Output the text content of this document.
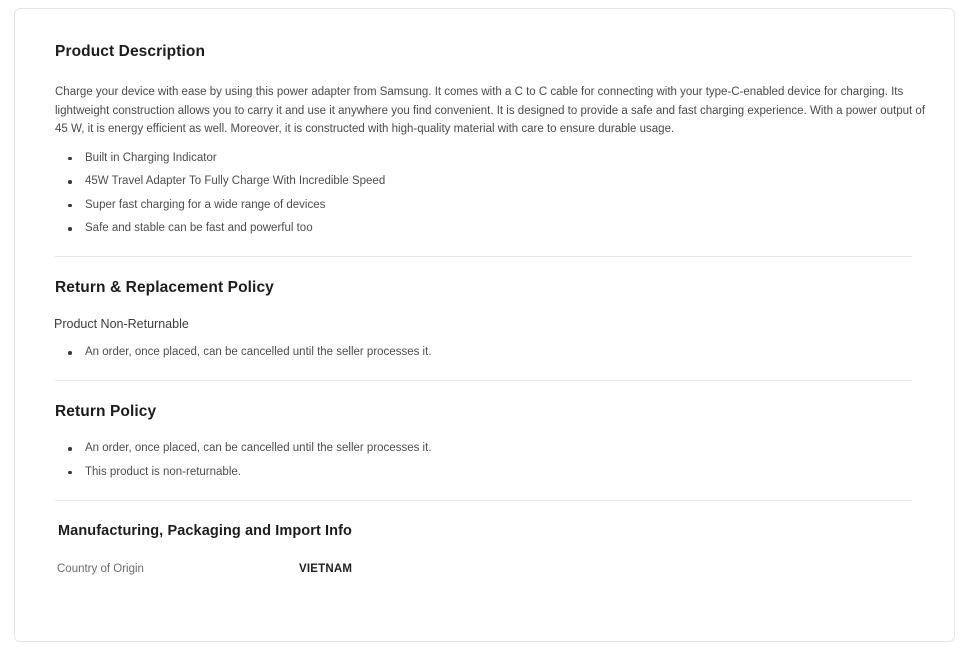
Product Description

Charge your device with ease by using this power adapter from Samsung. It comes with a C to C cable for connecting with your type-C-enabled device for charging. Its lightweight construction allows you to carry it and use it anywhere you find convenient. It is designed to provide a safe and fast charging experience. With a power output of 45 W, it is energy efficient as well. Moreover, it is constructed with high-quality material with care to ensure durable usage.

Built in Charging Indicator
45W Travel Adapter To Fully Charge With Incredible Speed
Super fast charging for a wide range of devices
Safe and stable can be fast and powerful too
Return & Replacement Policy
Product Non-Returnable
An order, once placed, can be cancelled until the seller processes it.
Return Policy
An order, once placed, can be cancelled until the seller processes it.
This product is non-returnable.
Manufacturing, Packaging and Import Info
Country of Origin	VIETNAM
